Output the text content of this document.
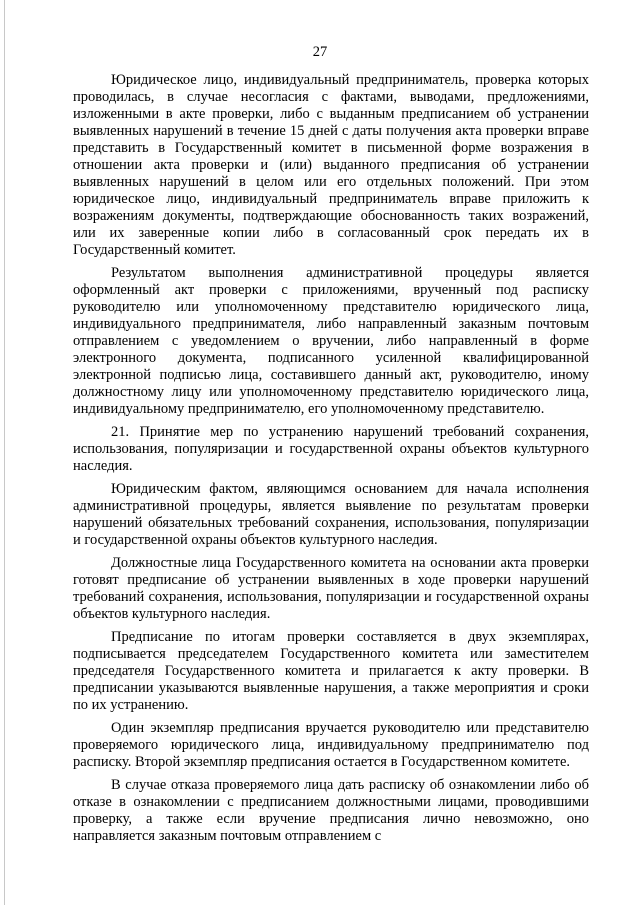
27

Юридическое лицо, индивидуальный предприниматель, проверка которых проводилась, в случае несогласия с фактами, выводами, предложениями, изложенными в акте проверки, либо с выданным предписанием об устранении выявленных нарушений в течение 15 дней с даты получения акта проверки вправе представить в Государственный комитет в письменной форме возражения в отношении акта проверки и (или) выданного предписания об устранении выявленных нарушений в целом или его отдельных положений. При этом юридическое лицо, индивидуальный предприниматель вправе приложить к возражениям документы, подтверждающие обоснованность таких возражений, или их заверенные копии либо в согласованный срок передать их в Государственный комитет.

Результатом выполнения административной процедуры является оформленный акт проверки с приложениями, врученный под расписку руководителю или уполномоченному представителю юридического лица, индивидуального предпринимателя, либо направленный заказным почтовым отправлением с уведомлением о вручении, либо направленный в форме электронного документа, подписанного усиленной квалифицированной электронной подписью лица, составившего данный акт, руководителю, иному должностному лицу или уполномоченному представителю юридического лица, индивидуальному предпринимателю, его уполномоченному представителю.

21. Принятие мер по устранению нарушений требований сохранения, использования, популяризации и государственной охраны объектов культурного наследия.

Юридическим фактом, являющимся основанием для начала исполнения административной процедуры, является выявление по результатам проверки нарушений обязательных требований сохранения, использования, популяризации и государственной охраны объектов культурного наследия.

Должностные лица Государственного комитета на основании акта проверки готовят предписание об устранении выявленных в ходе проверки нарушений требований сохранения, использования, популяризации и государственной охраны объектов культурного наследия.

Предписание по итогам проверки составляется в двух экземплярах, подписывается председателем Государственного комитета или заместителем председателя Государственного комитета и прилагается к акту проверки. В предписании указываются выявленные нарушения, а также мероприятия и сроки по их устранению.

Один экземпляр предписания вручается руководителю или представителю проверяемого юридического лица, индивидуальному предпринимателю под расписку. Второй экземпляр предписания остается в Государственном комитете.

В случае отказа проверяемого лица дать расписку об ознакомлении либо об отказе в ознакомлении с предписанием должностными лицами, проводившими проверку, а также если вручение предписания лично невозможно, оно направляется заказным почтовым отправлением с
